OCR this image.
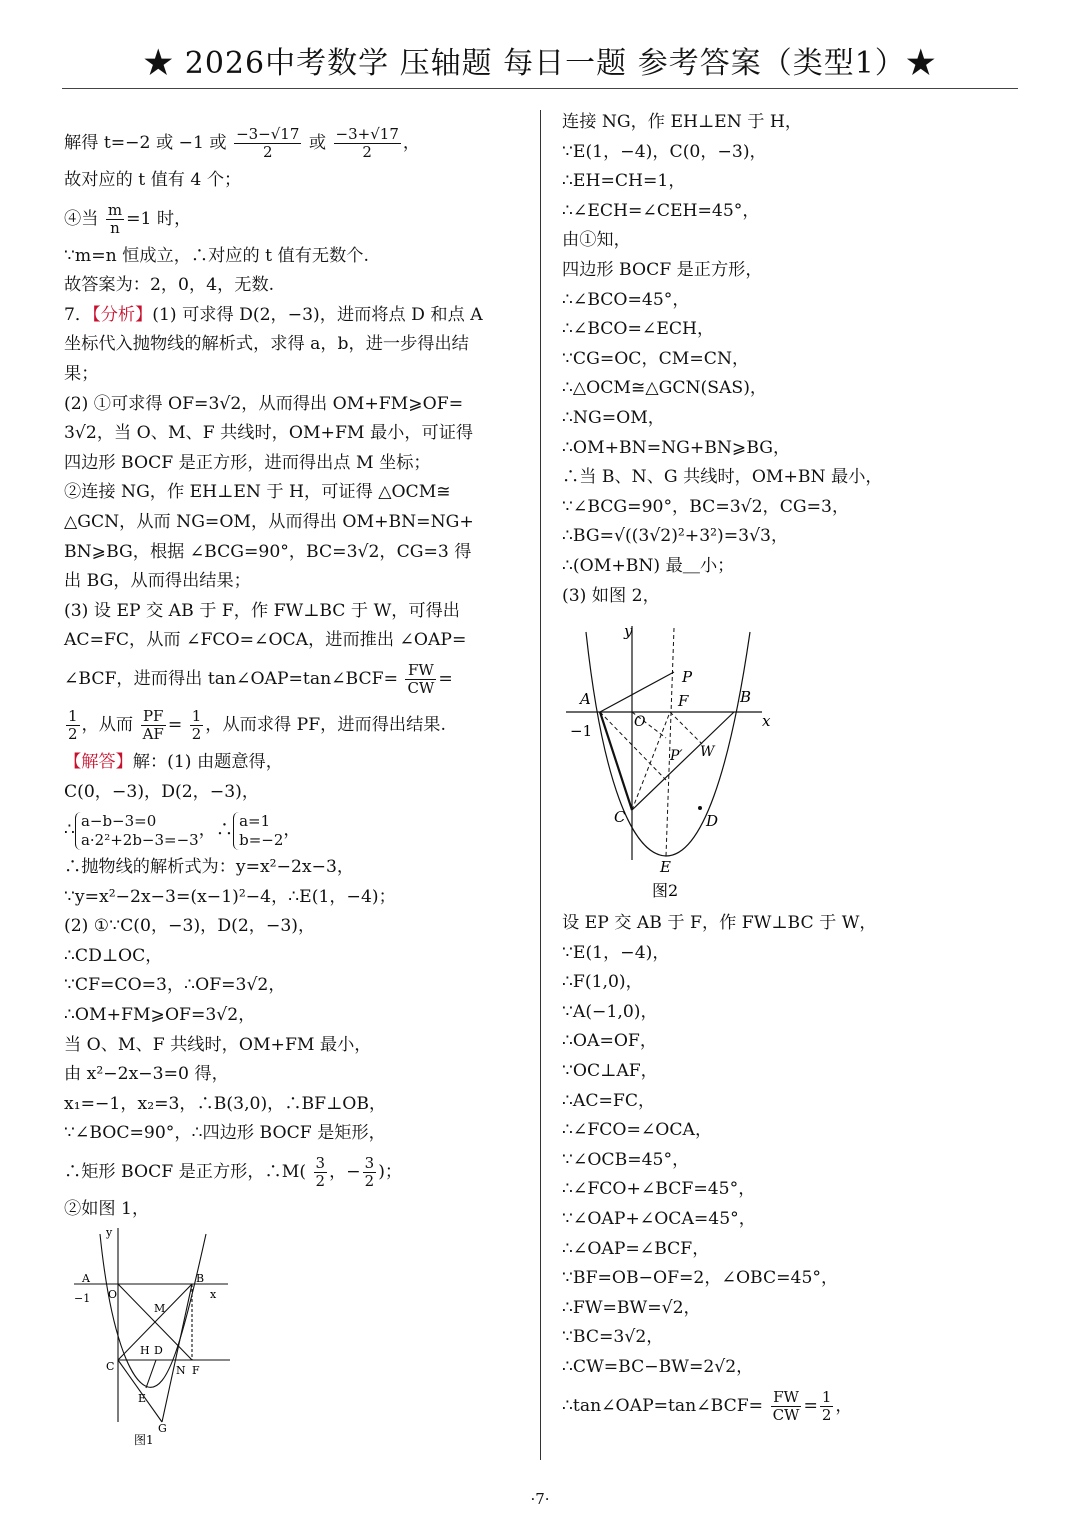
★ 2026中考数学 压轴题 每日一题 参考答案（类型1）★
解得 t=−2 或 −1 或 $\frac{-3-√17}{2}$ 或 $\frac{-3+√17}{2}$ ，
故对应的 t 值有 4 个；
④当 $\frac{m}{n} =1$ 时，
∵m=n 恒成立，∴对应的 t 值有无数个.
故答案为：2，0，4，无数.
7．【分析】(1) 可求得 D(2，−3)，进而将点 D 和点 A
坐标代入抛物线的解析式，求得 a，b，进一步得出结
果；
(2) ①可求得 OF=3√2，从而得出 OM+FM⩾OF=
3√2，当 O、M、F 共线时，OM+FM 最小，可证得
四边形 BOCF 是正方形，进而得出点 M 坐标；
②连接 NG，作 EH⊥EN 于 H，可证得 △OCM≅
△GCN，从而 NG=OM，从而得出 OM+BN=NG+
BN⩾BG，根据 ∠BCG=90°，BC=3√2，CG=3 得
出 BG，从而得出结果；
(3) 设 EP 交 AB 于 F，作 FW⊥BC 于 W，可得出
AC=FC，从而 ∠FCO=∠OCA，进而推出 ∠OAP=
∠BCF，进而得出 tan∠OAP=tan∠BCF= $\frac{FW}{CW}$ =
$\frac{1}{2}$ ，从而 $\frac{PF}{AF} = \frac{1}{2}$ ，从而求得 PF，进而得出结果.
【解答】解：(1) 由题意得，
C(0，−3)，D(2，−3)，
∴ a−b−3=0
a·2²+2b−3=−3 ，∴ a=1
b=−2 ，
∴抛物线的解析式为：y=x²−2x−3，
∵y=x²−2x−3=(x−1)²−4，∴E(1，−4)；
(2) ①∵C(0，−3)，D(2，−3)，
∴CD⊥OC，
∵CF=CO=3，∴OF=3√2，
∴OM+FM⩾OF=3√2，
当 O、M、F 共线时，OM+FM 最小，
由 x²−2x−3=0 得，
x₁=−1，x₂=3，∴B(3,0)，∴BF⊥OB，
∵∠BOC=90°，∴四边形 BOCF 是矩形，
∴矩形 BOCF 是正方形，∴M( $\frac{3}{2}$ ，− $\frac{3}{2}$ )；
②如图 1，
A	B
O
−1
M
y
x
C
H D
N F
E
G
图1
连接 NG，作 EH⊥EN 于 H，
∵E(1，−4)，C(0，−3)，
∴EH=CH=1，
∴∠ECH=∠CEH=45°，
由①知，
四边形 BOCF 是正方形，
∴∠BCO=45°，
∴∠BCO=∠ECH，
∵CG=OC，CM=CN，
∴△OCM≅△GCN(SAS)，
∴NG=OM，
∴OM+BN=NG+BN⩾BG，
∴当 B、N、G 共线时，OM+BN 最小，
∵∠BCG=90°，BC=3√2，CG=3，
∴BG=√((3√2)²+3²)=3√3，
∴(OM+BN) 最＿小；
(3) 如图 2，
设 EP 交 AB 于 F，作 FW⊥BC 于 W，
∵E(1，−4)，
∴F(1,0)，
∵A(−1,0)，
∴OA=OF，
∵OC⊥AF，
∴AC=FC，
∴∠FCO=∠OCA，
∵∠OCB=45°，
∴∠FCO+∠BCF=45°，
∵∠OAP+∠OCA=45°，
∴∠OAP=∠BCF，
∵BF=OB−OF=2，∠OBC=45°，
∴FW=BW=√2，
∵BC=3√2，
∴CW=BC−BW=2√2，
∴tan∠OAP=tan∠BCF= $\frac{FW}{CW} = \frac{1}{2}$ ，
y
x
A	B
O
−1
P
F
P′ W
C	D
E
图2
·7·
